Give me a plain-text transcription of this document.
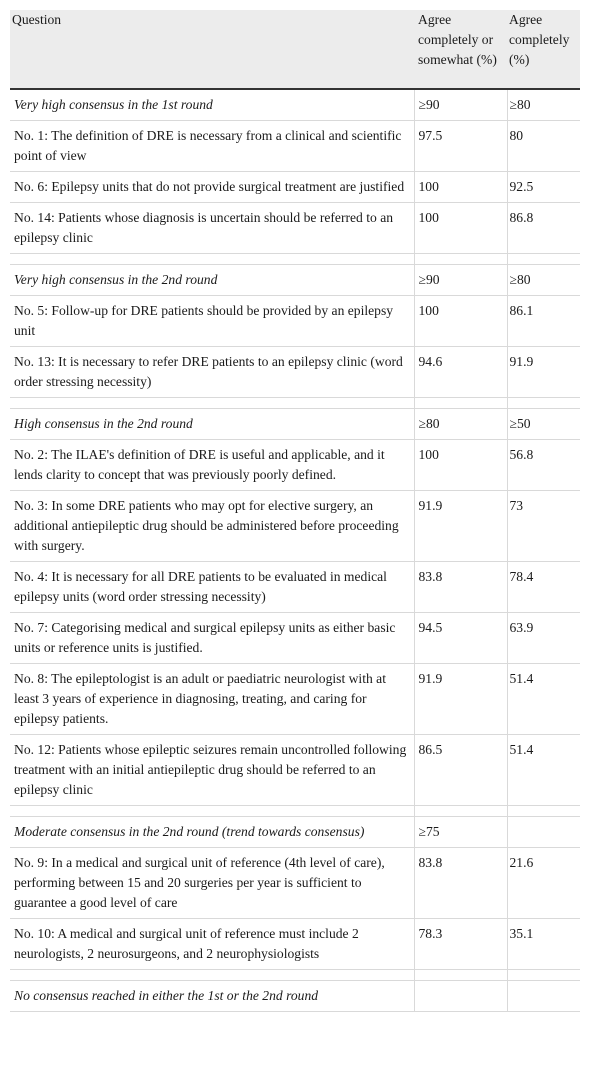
Question	Agree completely or somewhat (%)	Agree completely (%)
Very high consensus in the 1st round	≥90	≥80
No. 1: The definition of DRE is necessary from a clinical and scientific point of view	97.5	80
No. 6: Epilepsy units that do not provide surgical treatment are justified	100	92.5
No. 14: Patients whose diagnosis is uncertain should be referred to an epilepsy clinic	100	86.8

Very high consensus in the 2nd round	≥90	≥80
No. 5: Follow-up for DRE patients should be provided by an epilepsy unit	100	86.1
No. 13: It is necessary to refer DRE patients to an epilepsy clinic (word order stressing necessity)	94.6	91.9

High consensus in the 2nd round	≥80	≥50
No. 2: The ILAE's definition of DRE is useful and applicable, and it lends clarity to concept that was previously poorly defined.	100	56.8
No. 3: In some DRE patients who may opt for elective surgery, an additional antiepileptic drug should be administered before proceeding with surgery.	91.9	73
No. 4: It is necessary for all DRE patients to be evaluated in medical epilepsy units (word order stressing necessity)	83.8	78.4
No. 7: Categorising medical and surgical epilepsy units as either basic units or reference units is justified.	94.5	63.9
No. 8: The epileptologist is an adult or paediatric neurologist with at least 3 years of experience in diagnosing, treating, and caring for epilepsy patients.	91.9	51.4
No. 12: Patients whose epileptic seizures remain uncontrolled following treatment with an initial antiepileptic drug should be referred to an epilepsy clinic	86.5	51.4

Moderate consensus in the 2nd round (trend towards consensus)	≥75	
No. 9: In a medical and surgical unit of reference (4th level of care), performing between 15 and 20 surgeries per year is sufficient to guarantee a good level of care	83.8	21.6
No. 10: A medical and surgical unit of reference must include 2 neurologists, 2 neurosurgeons, and 2 neurophysiologists	78.3	35.1

No consensus reached in either the 1st or the 2nd round		
